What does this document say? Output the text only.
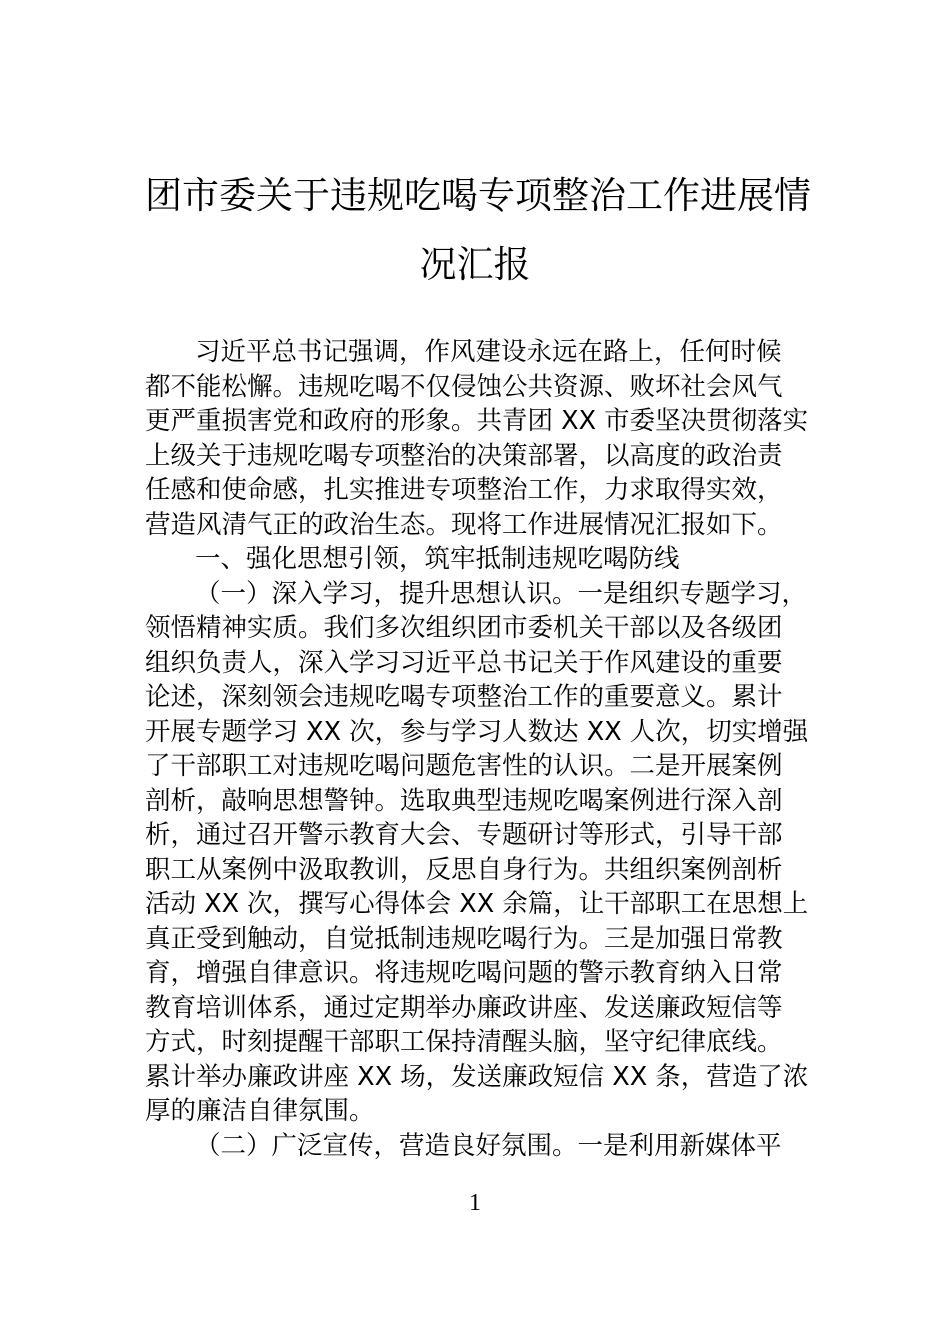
团市委关于违规吃喝专项整治工作进展情
况汇报
习近平总书记强调，作风建设永远在路上，任何时候
都不能松懈。违规吃喝不仅侵蚀公共资源、败坏社会风气
更严重损害党和政府的形象。共青团 XX 市委坚决贯彻落实
上级关于违规吃喝专项整治的决策部署，以高度的政治责
任感和使命感，扎实推进专项整治工作，力求取得实效，
营造风清气正的政治生态。现将工作进展情况汇报如下。
一、强化思想引领，筑牢抵制违规吃喝防线
（一）深入学习，提升思想认识。一是组织专题学习，
领悟精神实质。我们多次组织团市委机关干部以及各级团
组织负责人，深入学习习近平总书记关于作风建设的重要
论述，深刻领会违规吃喝专项整治工作的重要意义。累计
开展专题学习 XX 次，参与学习人数达 XX 人次，切实增强
了干部职工对违规吃喝问题危害性的认识。二是开展案例
剖析，敲响思想警钟。选取典型违规吃喝案例进行深入剖
析，通过召开警示教育大会、专题研讨等形式，引导干部
职工从案例中汲取教训，反思自身行为。共组织案例剖析
活动 XX 次，撰写心得体会 XX 余篇，让干部职工在思想上
真正受到触动，自觉抵制违规吃喝行为。三是加强日常教
育，增强自律意识。将违规吃喝问题的警示教育纳入日常
教育培训体系，通过定期举办廉政讲座、发送廉政短信等
方式，时刻提醒干部职工保持清醒头脑，坚守纪律底线。
累计举办廉政讲座 XX 场，发送廉政短信 XX 条，营造了浓
厚的廉洁自律氛围。
（二）广泛宣传，营造良好氛围。一是利用新媒体平
1
